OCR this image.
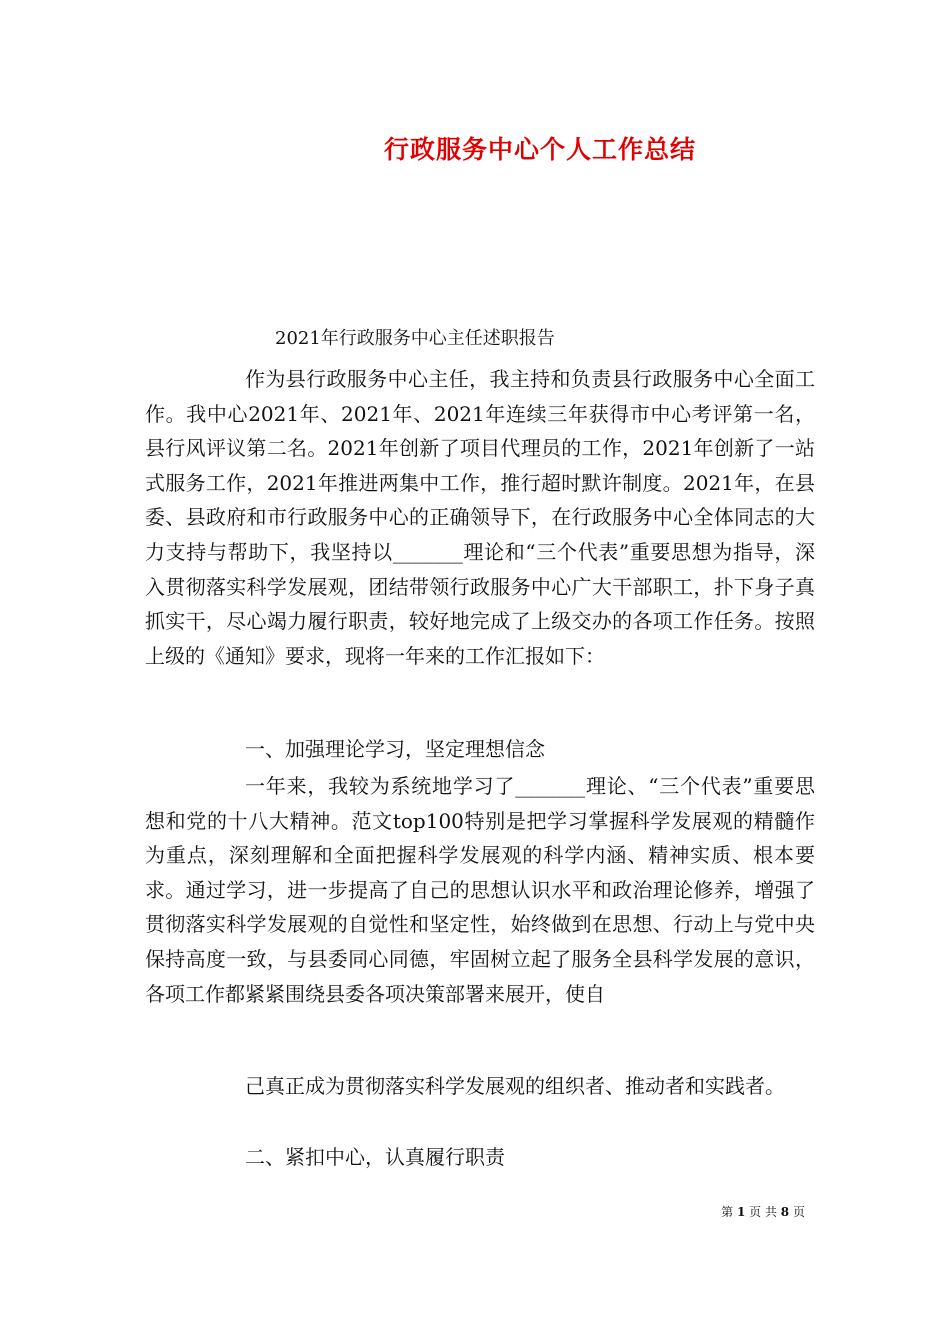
行政服务中心个人工作总结
2021年行政服务中心主任述职报告
作为县行政服务中心主任，我主持和负责县行政服务中心全面工作。我中心2021年、2021年、2021年连续三年获得市中心考评第一名，县行风评议第二名。2021年创新了项目代理员的工作，2021年创新了一站式服务工作，2021年推进两集中工作，推行超时默许制度。2021年，在县委、县政府和市行政服务中心的正确领导下，在行政服务中心全体同志的大力支持与帮助下，我坚持以_______理论和“三个代表”重要思想为指导，深入贯彻落实科学发展观，团结带领行政服务中心广大干部职工，扑下身子真抓实干，尽心竭力履行职责，较好地完成了上级交办的各项工作任务。按照上级的《通知》要求，现将一年来的工作汇报如下：
一、加强理论学习，坚定理想信念
一年来，我较为系统地学习了_______理论、“三个代表”重要思想和党的十八大精神。范文top100特别是把学习掌握科学发展观的精髓作为重点，深刻理解和全面把握科学发展观的科学内涵、精神实质、根本要求。通过学习，进一步提高了自己的思想认识水平和政治理论修养，增强了贯彻落实科学发展观的自觉性和坚定性，始终做到在思想、行动上与党中央保持高度一致，与县委同心同德，牢固树立起了服务全县科学发展的意识，各项工作都紧紧围绕县委各项决策部署来展开，使自
己真正成为贯彻落实科学发展观的组织者、推动者和实践者。
二、紧扣中心，认真履行职责
第 1 页 共 8 页
